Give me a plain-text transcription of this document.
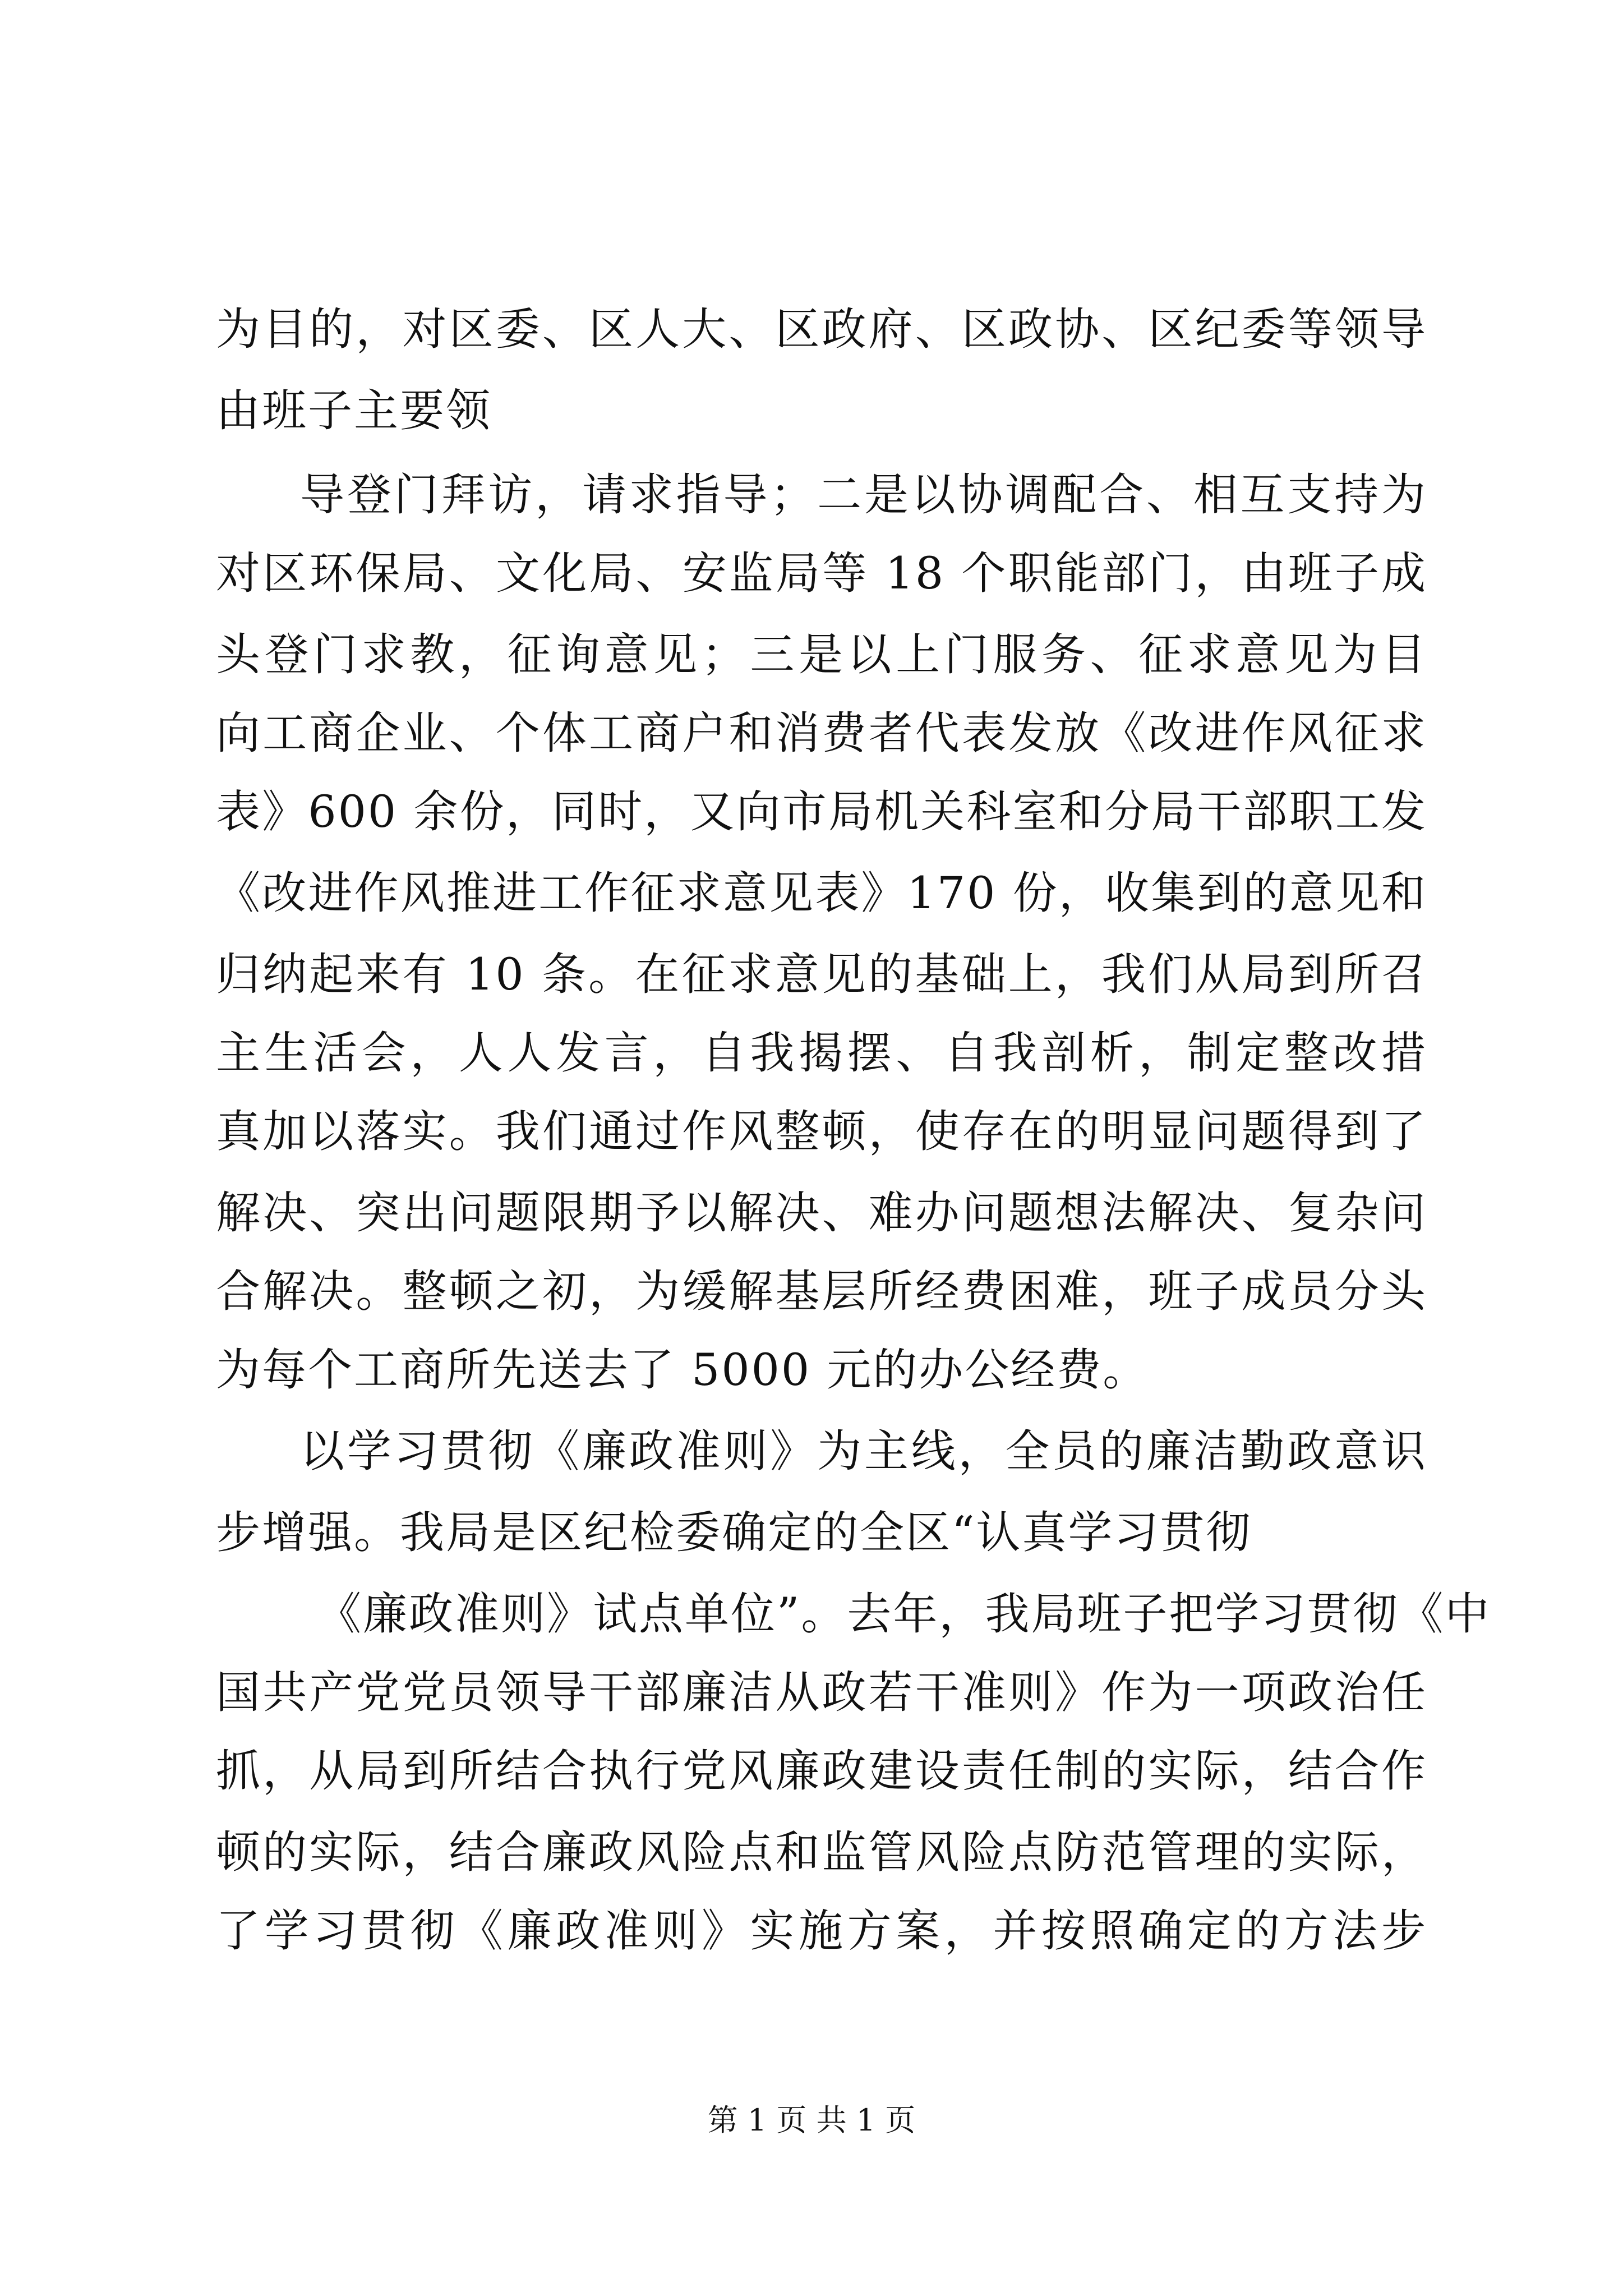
为目的，对区委、区人大、区政府、区政协、区纪委等领导
由班子主要领
导登门拜访，请求指导；二是以协调配合、相互支持为
对区环保局、文化局、安监局等 18 个职能部门，由班子成
头登门求教，征询意见；三是以上门服务、征求意见为目
向工商企业、个体工商户和消费者代表发放《改进作风征求
表》600 余份，同时，又向市局机关科室和分局干部职工发
《改进作风推进工作征求意见表》170 份，收集到的意见和
归纳起来有 10 条。在征求意见的基础上，我们从局到所召
主生活会，人人发言，自我揭摆、自我剖析，制定整改措
真加以落实。我们通过作风整顿，使存在的明显问题得到了
解决、突出问题限期予以解决、难办问题想法解决、复杂问
合解决。整顿之初，为缓解基层所经费困难，班子成员分头
为每个工商所先送去了 5000 元的办公经费。
以学习贯彻《廉政准则》为主线，全员的廉洁勤政意识
步增强。我局是区纪检委确定的全区“认真学习贯彻
《廉政准则》试点单位”。去年，我局班子把学习贯彻《中
国共产党党员领导干部廉洁从政若干准则》作为一项政治任
抓，从局到所结合执行党风廉政建设责任制的实际，结合作
顿的实际，结合廉政风险点和监管风险点防范管理的实际，
了学习贯彻《廉政准则》实施方案，并按照确定的方法步
第 1 页 共 1 页
